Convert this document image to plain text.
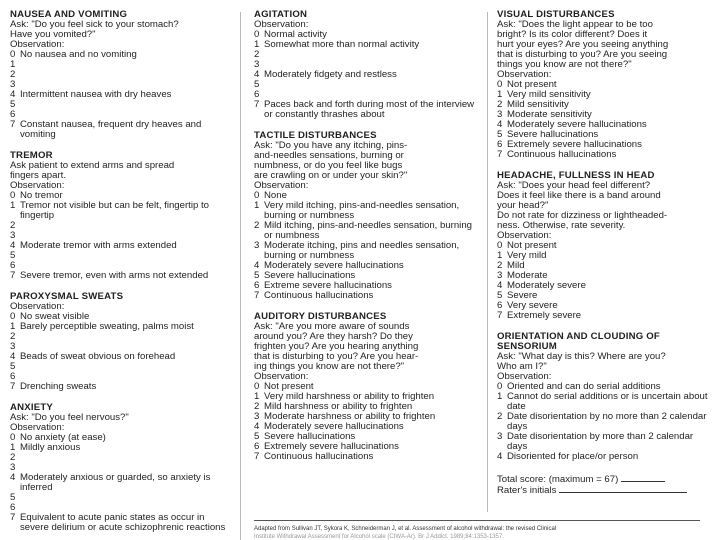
NAUSEA AND VOMITING
Ask: "Do you feel sick to your stomach?
Have you vomited?"
Observation:
0 No nausea and no vomiting
1
2
3
4 Intermittent nausea with dry heaves
5
6
7 Constant nausea, frequent dry heaves and vomiting
TREMOR
Ask patient to extend arms and spread
fingers apart.
Observation:
0 No tremor
1 Tremor not visible but can be felt, fingertip to fingertip
2
3
4 Moderate tremor with arms extended
5
6
7 Severe tremor, even with arms not extended
PAROXYSMAL SWEATS
Observation:
0 No sweat visible
1 Barely perceptible sweating, palms moist
2
3
4 Beads of sweat obvious on forehead
5
6
7 Drenching sweats
ANXIETY
Ask: "Do you feel nervous?"
Observation:
0 No anxiety (at ease)
1 Mildly anxious
2
3
4 Moderately anxious or guarded, so anxiety is inferred
5
6
7 Equivalent to acute panic states as occur in severe delirium or acute schizophrenic reactions
AGITATION
Observation:
0 Normal activity
1 Somewhat more than normal activity
2
3
4 Moderately fidgety and restless
5
6
7 Paces back and forth during most of the interview or constantly thrashes about
TACTILE DISTURBANCES
Ask: "Do you have any itching, pins-
and-needles sensations, burning or
numbness, or do you feel like bugs
are crawling on or under your skin?"
Observation:
0 None
1 Very mild itching, pins-and-needles sensation, burning or numbness
2 Mild itching, pins-and-needles sensation, burning or numbness
3 Moderate itching, pins and needles sensation, burning or numbness
4 Moderately severe hallucinations
5 Severe hallucinations
6 Extreme severe hallucinations
7 Continuous hallucinations
AUDITORY DISTURBANCES
Ask: "Are you more aware of sounds
around you? Are they harsh? Do they
frighten you? Are you hearing anything
that is disturbing to you? Are you hear-
ing things you know are not there?"
Observation:
0 Not present
1 Very mild harshness or ability to frighten
2 Mild harshness or ability to frighten
3 Moderate harshness or ability to frighten
4 Moderately severe hallucinations
5 Severe hallucinations
6 Extremely severe hallucinations
7 Continuous hallucinations
VISUAL DISTURBANCES
Ask: "Does the light appear to be too
bright? Is its color different? Does it
hurt your eyes? Are you seeing anything
that is disturbing to you? Are you seeing
things you know are not there?"
Observation:
0 Not present
1 Very mild sensitivity
2 Mild sensitivity
3 Moderate sensitivity
4 Moderately severe hallucinations
5 Severe hallucinations
6 Extremely severe hallucinations
7 Continuous hallucinations
HEADACHE, FULLNESS IN HEAD
Ask: "Does your head feel different?
Does it feel like there is a band around
your head?"
Do not rate for dizziness or lightheaded-
ness. Otherwise, rate severity.
Observation:
0 Not present
1 Very mild
2 Mild
3 Moderate
4 Moderately severe
5 Severe
6 Very severe
7 Extremely severe
ORIENTATION AND CLOUDING OF SENSORIUM
Ask: "What day is this? Where are you?
Who am I?"
Observation:
0 Oriented and can do serial additions
1 Cannot do serial additions or is uncertain about date
2 Date disorientation by no more than 2 calendar days
3 Date disorientation by more than 2 calendar days
4 Disoriented for place/or person
Total score: (maximum = 67)
Rater's initials
Adapted from Sullivan JT, Sykora K, Schneiderman J, et al. Assessment of alcohol withdrawal: the revised Clinical
Institute Withdrawal Assessment for Alcohol scale (CIWA-Ar). Br J Addict. 1989;84:1353-1357.
